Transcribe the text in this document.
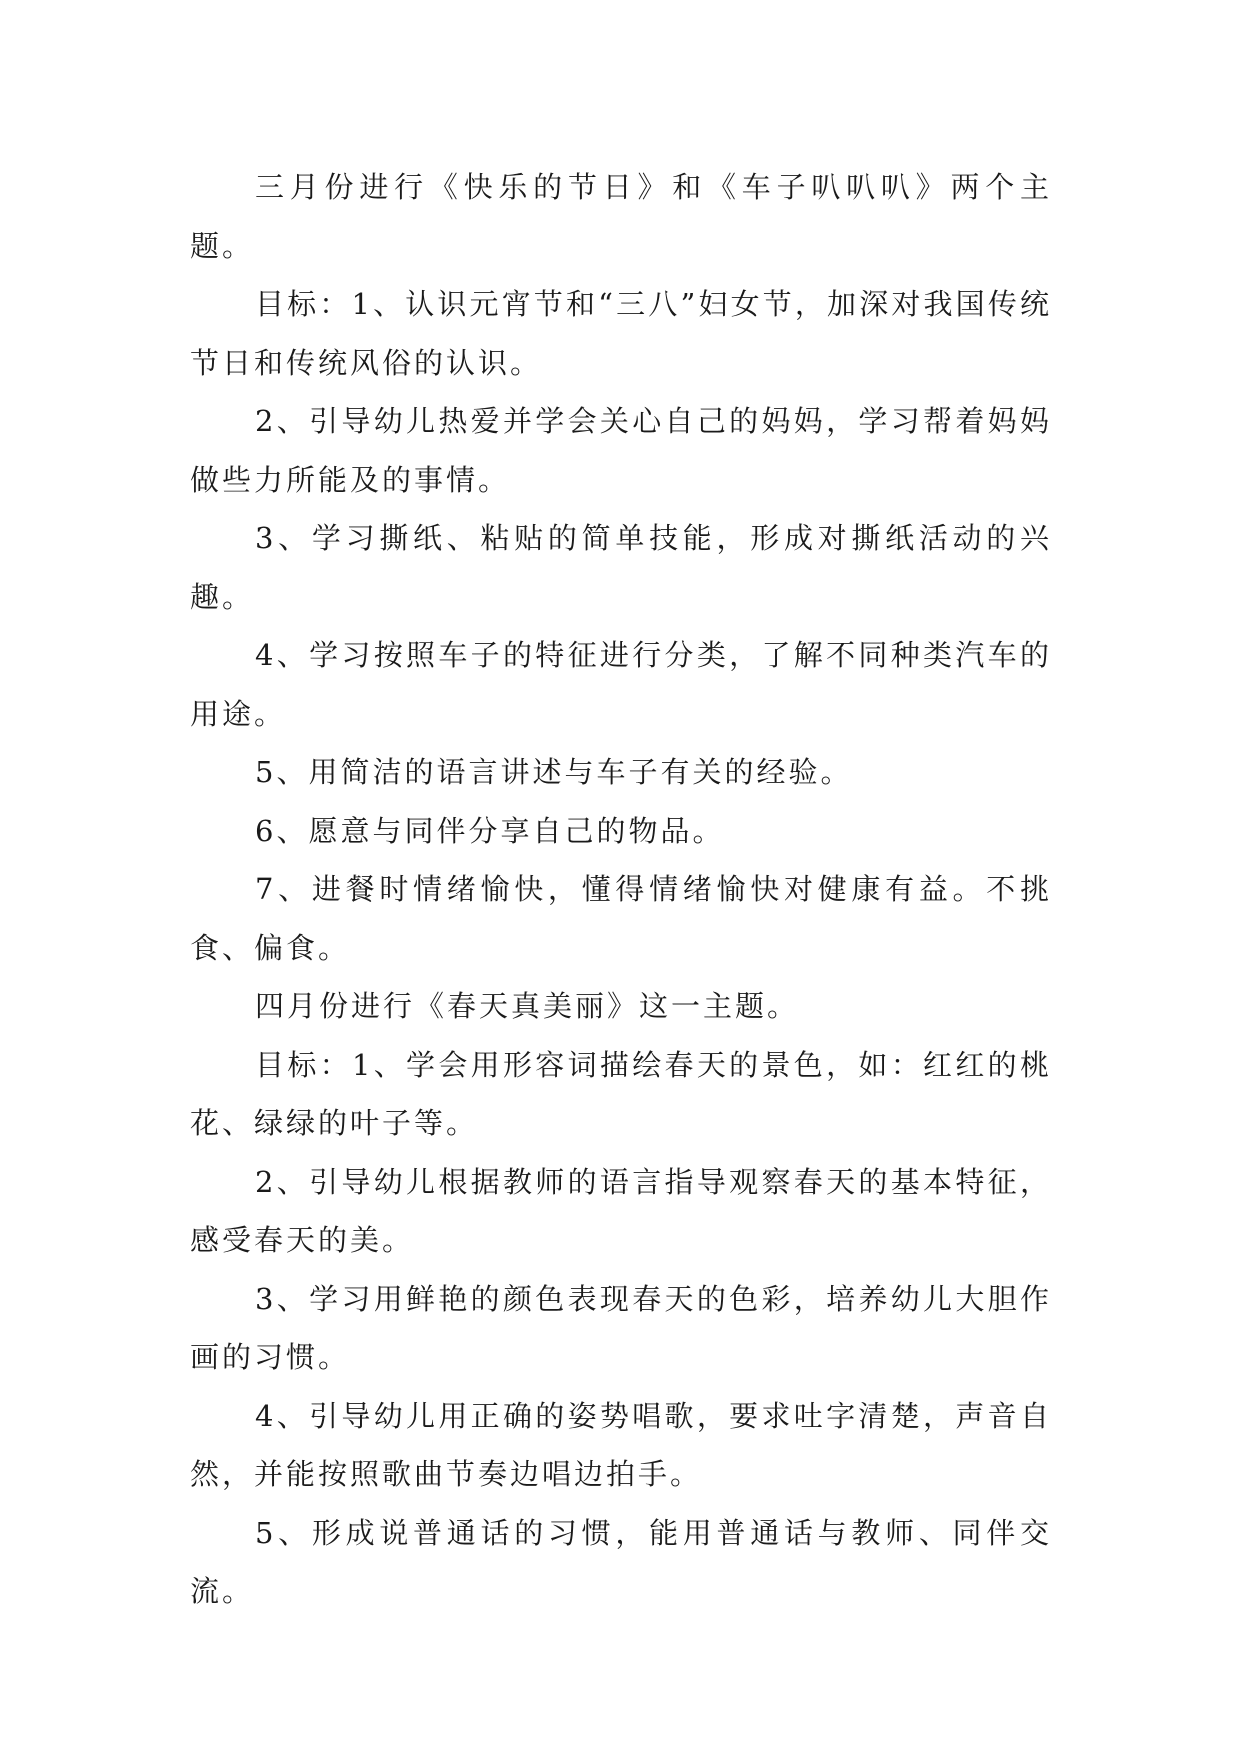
三月份进行《快乐的节日》和《车子叭叭叭》两个主题。

目标：1、认识元宵节和“三八”妇女节，加深对我国传统节日和传统风俗的认识。

2、引导幼儿热爱并学会关心自己的妈妈，学习帮着妈妈做些力所能及的事情。

3、学习撕纸、粘贴的简单技能，形成对撕纸活动的兴趣。

4、学习按照车子的特征进行分类，了解不同种类汽车的用途。

5、用简洁的语言讲述与车子有关的经验。

6、愿意与同伴分享自己的物品。

7、进餐时情绪愉快，懂得情绪愉快对健康有益。不挑食、偏食。

四月份进行《春天真美丽》这一主题。

目标：1、学会用形容词描绘春天的景色，如：红红的桃花、绿绿的叶子等。

2、引导幼儿根据教师的语言指导观察春天的基本特征，感受春天的美。

3、学习用鲜艳的颜色表现春天的色彩，培养幼儿大胆作画的习惯。

4、引导幼儿用正确的姿势唱歌，要求吐字清楚，声音自然，并能按照歌曲节奏边唱边拍手。

5、形成说普通话的习惯，能用普通话与教师、同伴交流。
